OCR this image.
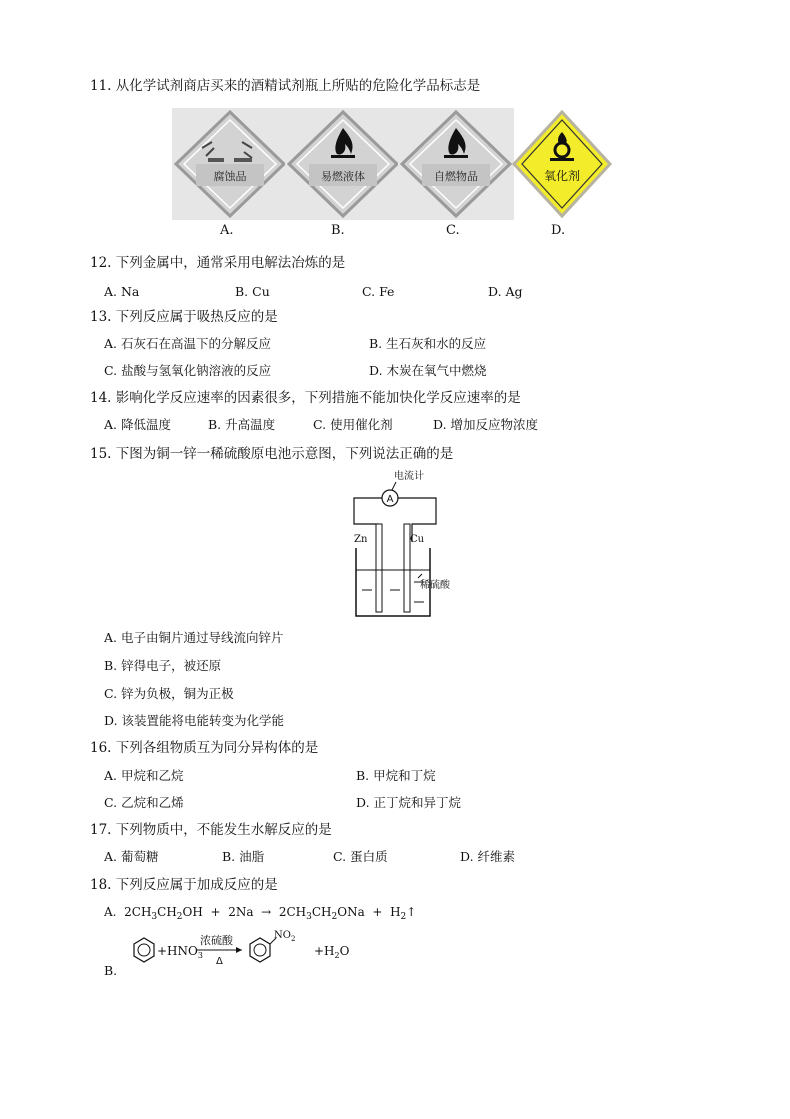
11. 从化学试剂商店买来的酒精试剂瓶上所贴的危险化学品标志是
腐蚀品	易燃液体	自燃物品	氧化剂
A.	B.	C.	D.
12. 下列金属中，通常采用电解法冶炼的是
A. Na	B. Cu	C. Fe	D. Ag
13. 下列反应属于吸热反应的是
A. 石灰石在高温下的分解反应	B. 生石灰和水的反应
C. 盐酸与氢氧化钠溶液的反应	D. 木炭在氧气中燃烧
14. 影响化学反应速率的因素很多，下列措施不能加快化学反应速率的是
A. 降低温度	B. 升高温度	C. 使用催化剂	D. 增加反应物浓度
15. 下图为铜一锌一稀硫酸原电池示意图，下列说法正确的是
电流计
A
Zn	Cu
稀硫酸
A. 电子由铜片通过导线流向锌片
B. 锌得电子，被还原
C. 锌为负极，铜为正极
D. 该装置能将电能转变为化学能
16. 下列各组物质互为同分异构体的是
A. 甲烷和乙烷	B. 甲烷和丁烷
C. 乙烷和乙烯	D. 正丁烷和异丁烷
17. 下列物质中，不能发生水解反应的是
A. 葡萄糖	B. 油脂	C. 蛋白质	D. 纤维素
18. 下列反应属于加成反应的是
A. $2CH_3CH_2OH + 2Na \to 2CH_3CH_2ONa$ + $H_2↑$
B.
$+HNO_3$
浓硫酸
Δ
$NO_2$
$+H_2O$
